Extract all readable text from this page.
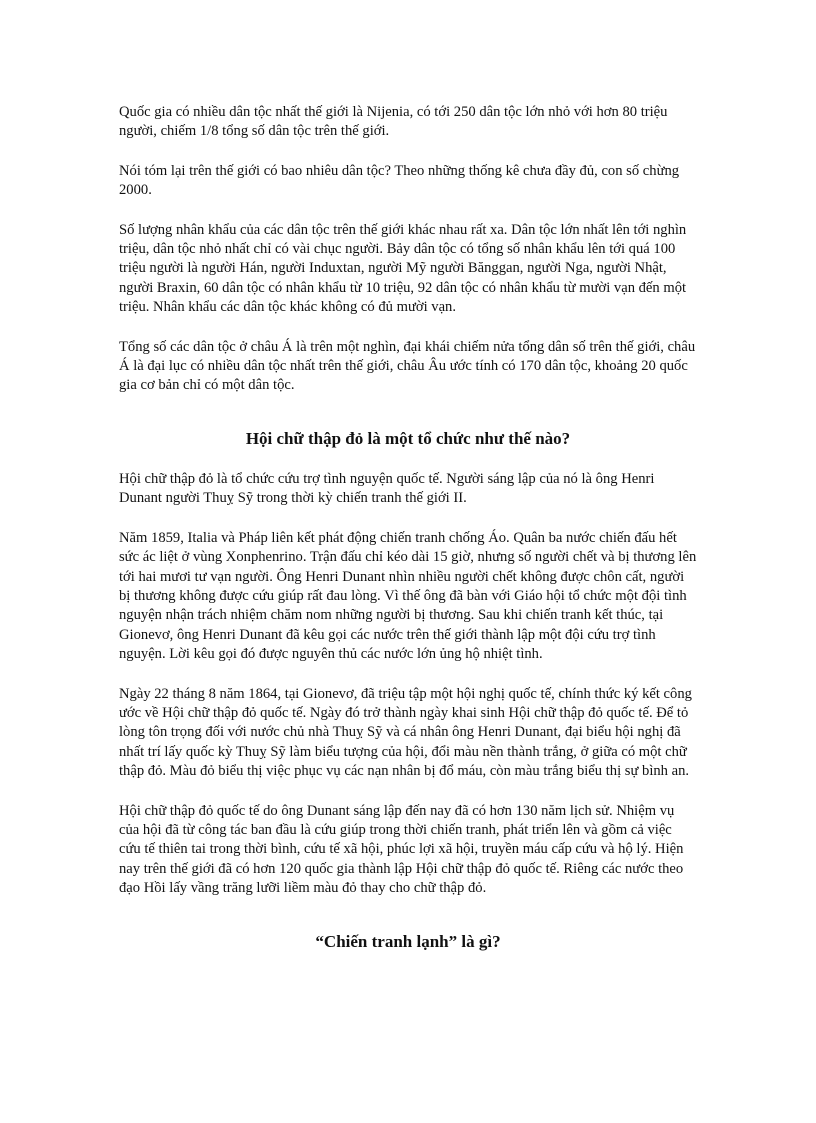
Quốc gia có nhiều dân tộc nhất thế giới là Nijenia, có tới 250 dân tộc lớn nhỏ với hơn 80 triệu người, chiếm 1/8 tổng số dân tộc trên thế giới.

Nói tóm lại trên thế giới có bao nhiêu dân tộc? Theo những thống kê chưa đầy đủ, con số chừng 2000.

Số lượng nhân khẩu của các dân tộc trên thế giới khác nhau rất xa. Dân tộc lớn nhất lên tới nghìn triệu, dân tộc nhỏ nhất chỉ có vài chục người. Bảy dân tộc có tổng số nhân khẩu lên tới quá 100 triệu người là người Hán, người Induxtan, người Mỹ người Bănggan, người Nga, người Nhật, người Braxin, 60 dân tộc có nhân khẩu từ 10 triệu, 92 dân tộc có nhân khẩu từ mười vạn đến một triệu. Nhân khẩu các dân tộc khác không có đủ mười vạn.

Tổng số các dân tộc ở châu Á là trên một nghìn, đại khái chiếm nửa tổng dân số trên thế giới, châu Á là đại lục có nhiều dân tộc nhất trên thế giới, châu Âu ước tính có 170 dân tộc, khoảng 20 quốc gia cơ bản chỉ có một dân tộc.

Hội chữ thập đỏ là một tổ chức như thế nào?

Hội chữ thập đỏ là tổ chức cứu trợ tình nguyện quốc tế. Người sáng lập của nó là ông Henri Dunant người Thuỵ Sỹ trong thời kỳ chiến tranh thế giới II.

Năm 1859, Italia và Pháp liên kết phát động chiến tranh chống Áo. Quân ba nước chiến đấu hết sức ác liệt ở vùng Xonphenrino. Trận đấu chỉ kéo dài 15 giờ, nhưng số người chết và bị thương lên tới hai mươi tư vạn người. Ông Henri Dunant nhìn nhiều người chết không được chôn cất, người bị thương không được cứu giúp rất đau lòng. Vì thế ông đã bàn với Giáo hội tổ chức một đội tình nguyện nhận trách nhiệm chăm nom những người bị thương. Sau khi chiến tranh kết thúc, tại Gionevơ, ông Henri Dunant đã kêu gọi các nước trên thế giới thành lập một đội cứu trợ tình nguyện. Lời kêu gọi đó được nguyên thủ các nước lớn ủng hộ nhiệt tình.

Ngày 22 tháng 8 năm 1864, tại Gionevơ, đã triệu tập một hội nghị quốc tế, chính thức ký kết công ước về Hội chữ thập đỏ quốc tế. Ngày đó trở thành ngày khai sinh Hội chữ thập đỏ quốc tế. Để tỏ lòng tôn trọng đối với nước chủ nhà Thuỵ Sỹ và cá nhân ông Henri Dunant, đại biểu hội nghị đã nhất trí lấy quốc kỳ Thuỵ Sỹ làm biểu tượng của hội, đổi màu nền thành trắng, ở giữa có một chữ thập đỏ. Màu đỏ biểu thị việc phục vụ các nạn nhân bị đổ máu, còn màu trắng biểu thị sự bình an.

Hội chữ thập đỏ quốc tế do ông Dunant sáng lập đến nay đã có hơn 130 năm lịch sử. Nhiệm vụ của hội đã từ công tác ban đầu là cứu giúp trong thời chiến tranh, phát triển lên và gồm cả việc cứu tế thiên tai trong thời bình, cứu tế xã hội, phúc lợi xã hội, truyền máu cấp cứu và hộ lý. Hiện nay trên thế giới đã có hơn 120 quốc gia thành lập Hội chữ thập đỏ quốc tế. Riêng các nước theo đạo Hồi lấy vầng trăng lưỡi liềm màu đỏ thay cho chữ thập đỏ.

“Chiến tranh lạnh” là gì?
